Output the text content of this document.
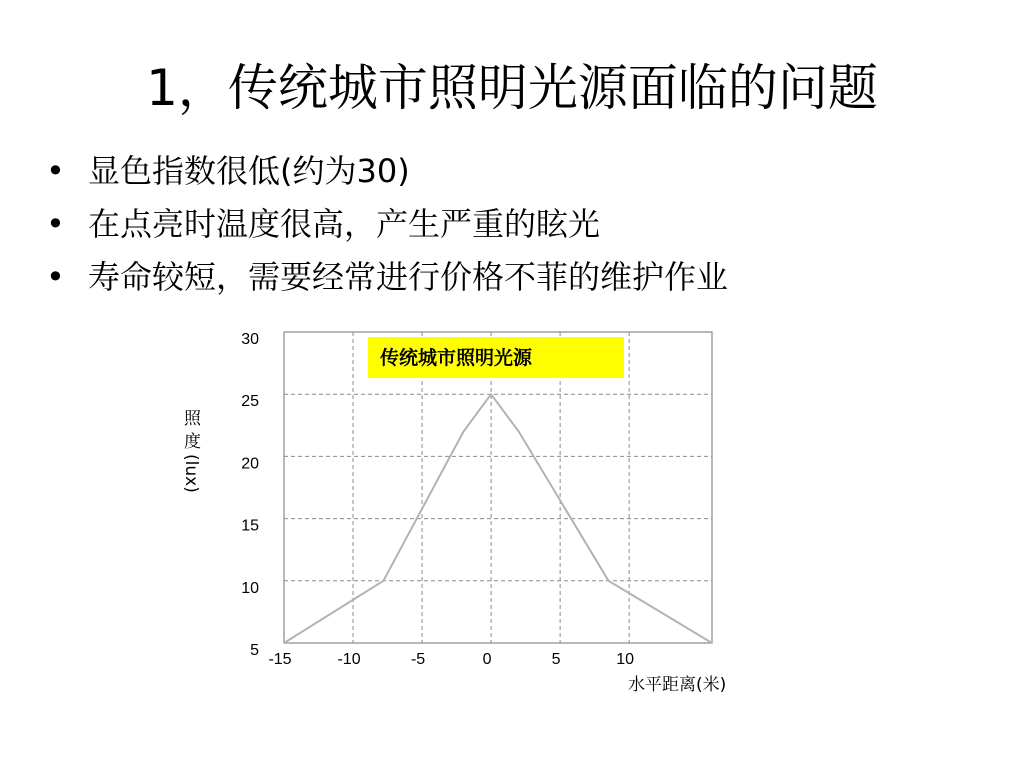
1，传统城市照明光源面临的问题
• 显色指数很低(约为30)
• 在点亮时温度很高，产生严重的眩光
• 寿命较短，需要经常进行价格不菲的维护作业
传统城市照明光源
30
25
20
15
10
5
-15	-10	-5	0	5	10
照
度
(lux)
水平距离(米)
